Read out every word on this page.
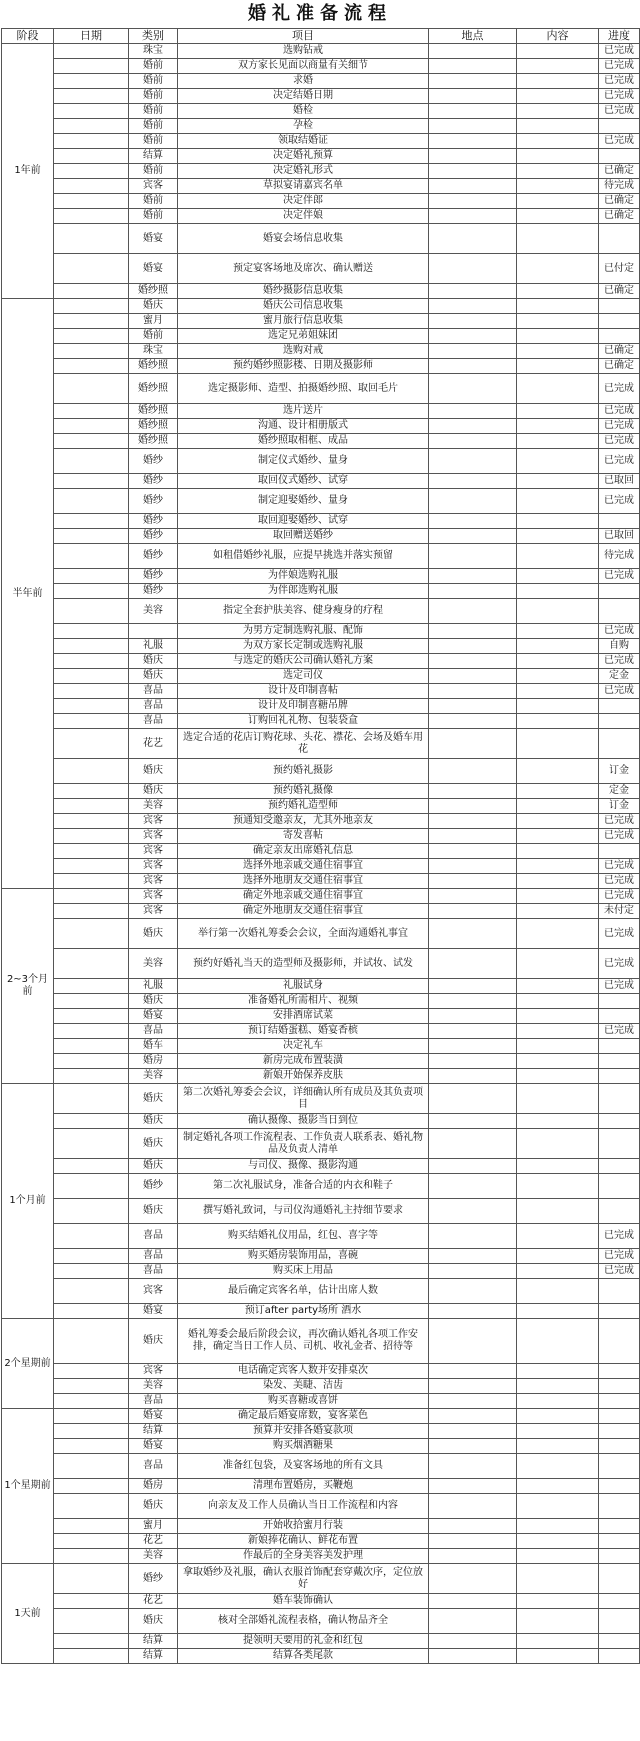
婚礼准备流程
阶段	日期	类别	项目	地点	内容	进度
1年前		珠宝	选购钻戒			已完成
		婚前	双方家长见面以商量有关细节			已完成
		婚前	求婚			已完成
		婚前	决定结婚日期			已完成
		婚前	婚检			已完成
		婚前	孕检			
		婚前	领取结婚证			已完成
		结算	决定婚礼预算			
		婚前	决定婚礼形式			已确定
		宾客	草拟宴请嘉宾名单			待完成
		婚前	决定伴郎			已确定
		婚前	决定伴娘			已确定
		婚宴	婚宴会场信息收集			
		婚宴	预定宴客场地及席次、确认赠送			已付定
		婚纱照	婚纱摄影信息收集			已确定
半年前		婚庆	婚庆公司信息收集			
		蜜月	蜜月旅行信息收集			
		婚前	选定兄弟姐妹团			
		珠宝	选购对戒			已确定
		婚纱照	预约婚纱照影楼、日期及摄影师			已确定
		婚纱照	选定摄影师、造型、拍摄婚纱照、取回毛片			已完成
		婚纱照	选片送片			已完成
		婚纱照	沟通、设计相册版式			已完成
		婚纱照	婚纱照取相框、成品			已完成
		婚纱	制定仪式婚纱、量身			已完成
		婚纱	取回仪式婚纱、试穿			已取回
		婚纱	制定迎娶婚纱、量身			已完成
		婚纱	取回迎娶婚纱、试穿			
		婚纱	取回赠送婚纱			已取回
		婚纱	如租借婚纱礼服，应提早挑选并落实预留			待完成
		婚纱	为伴娘选购礼服			已完成
		婚纱	为伴郎选购礼服			
		美容	指定全套护肤美容、健身瘦身的疗程			
			为男方定制选购礼服、配饰			已完成
		礼服	为双方家长定制或选购礼服			自购
		婚庆	与选定的婚庆公司确认婚礼方案			已完成
		婚庆	选定司仪			定金
		喜品	设计及印制喜帖			已完成
		喜品	设计及印制喜糖吊牌			
		喜品	订购回礼礼物、包装袋盒			
		花艺	选定合适的花店订购花球、头花、襟花、会场及婚车用花			
		婚庆	预约婚礼摄影			订金
		婚庆	预约婚礼摄像			定金
		美容	预约婚礼造型师			订金
		宾客	预通知受邀亲友，尤其外地亲友			已完成
		宾客	寄发喜帖			已完成
		宾客	确定亲友出席婚礼信息			
		宾客	选择外地亲戚交通住宿事宜			已完成
		宾客	选择外地朋友交通住宿事宜			已完成
2~3个月前		宾客	确定外地亲戚交通住宿事宜			已完成
		宾客	确定外地朋友交通住宿事宜			未付定
		婚庆	举行第一次婚礼筹委会会议，全面沟通婚礼事宜			已完成
		美容	预约好婚礼当天的造型师及摄影师，并试妆、试发			已完成
		礼服	礼服试身			已完成
		婚庆	准备婚礼所需相片、视频			
		婚宴	安排酒席试菜			
		喜品	预订结婚蛋糕、婚宴香槟			已完成
		婚车	决定礼车			
		婚房	新房完成布置装潢			
		美容	新娘开始保养皮肤			
1个月前		婚庆	第二次婚礼筹委会会议，详细确认所有成员及其负责项目			
		婚庆	确认摄像、摄影当日到位			
		婚庆	制定婚礼各项工作流程表、工作负责人联系表、婚礼物品及负责人清单			
		婚庆	与司仪、摄像、摄影沟通			
		婚纱	第二次礼服试身，准备合适的内衣和鞋子			
		婚庆	撰写婚礼致词，与司仪沟通婚礼主持细节要求			
		喜品	购买结婚礼仪用品，红包、喜字等			已完成
		喜品	购买婚房装饰用品，喜碗			已完成
		喜品	购买床上用品			已完成
		宾客	最后确定宾客名单，估计出席人数			
		婚宴	预订after party场所 酒水			
2个星期前		婚庆	婚礼筹委会最后阶段会议，再次确认婚礼各项工作安排，确定当日工作人员、司机、收礼金者、招待等			
		宾客	电话确定宾客人数并安排桌次			
		美容	染发、美睫、洁齿			
		喜品	购买喜糖或喜饼			
1个星期前		婚宴	确定最后婚宴席数，宴客菜色			
		结算	预算并安排各婚宴款项			
		婚宴	购买烟酒糖果			
		喜品	准备红包袋，及宴客场地的所有文具			
		婚房	清理布置婚房，买鞭炮			
		婚庆	向亲友及工作人员确认当日工作流程和内容			
		蜜月	开始收拾蜜月行装			
		花艺	新娘捧花确认、鲜花布置			
		美容	作最后的全身美容美发护理			
1天前		婚纱	拿取婚纱及礼服，确认衣服首饰配套穿戴次序，定位放好			
		花艺	婚车装饰确认			
		婚庆	核对全部婚礼流程表格，确认物品齐全			
		结算	提领明天要用的礼金和红包			
		结算	结算各类尾款			
